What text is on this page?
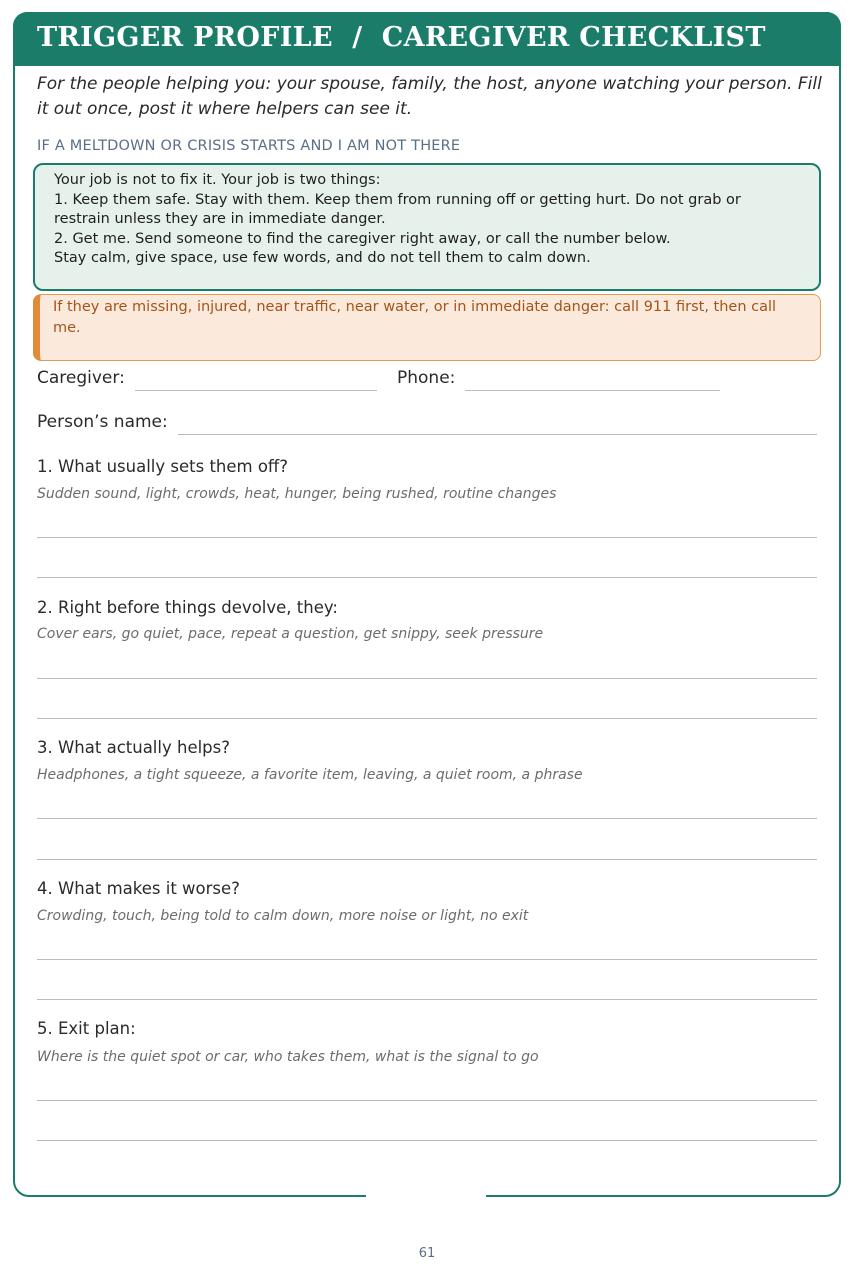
TRIGGER PROFILE  /  CAREGIVER CHECKLIST

For the people helping you: your spouse, family, the host, anyone watching your person. Fill it out once, post it where helpers can see it.

IF A MELTDOWN OR CRISIS STARTS AND I AM NOT THERE

Your job is not to fix it. Your job is two things:

1. Keep them safe. Stay with them. Keep them from running off or getting hurt. Do not grab or restrain unless they are in immediate danger.

2. Get me. Send someone to find the caregiver right away, or call the number below.

Stay calm, give space, use few words, and do not tell them to calm down.

If they are missing, injured, near traffic, near water, or in immediate danger: call 911 first, then call me.

Caregiver:	Phone:

Person’s name:

1. What usually sets them off?

Sudden sound, light, crowds, heat, hunger, being rushed, routine changes

2. Right before things devolve, they:

Cover ears, go quiet, pace, repeat a question, get snippy, seek pressure

3. What actually helps?

Headphones, a tight squeeze, a favorite item, leaving, a quiet room, a phrase

4. What makes it worse?

Crowding, touch, being told to calm down, more noise or light, no exit

5. Exit plan:

Where is the quiet spot or car, who takes them, what is the signal to go

61
